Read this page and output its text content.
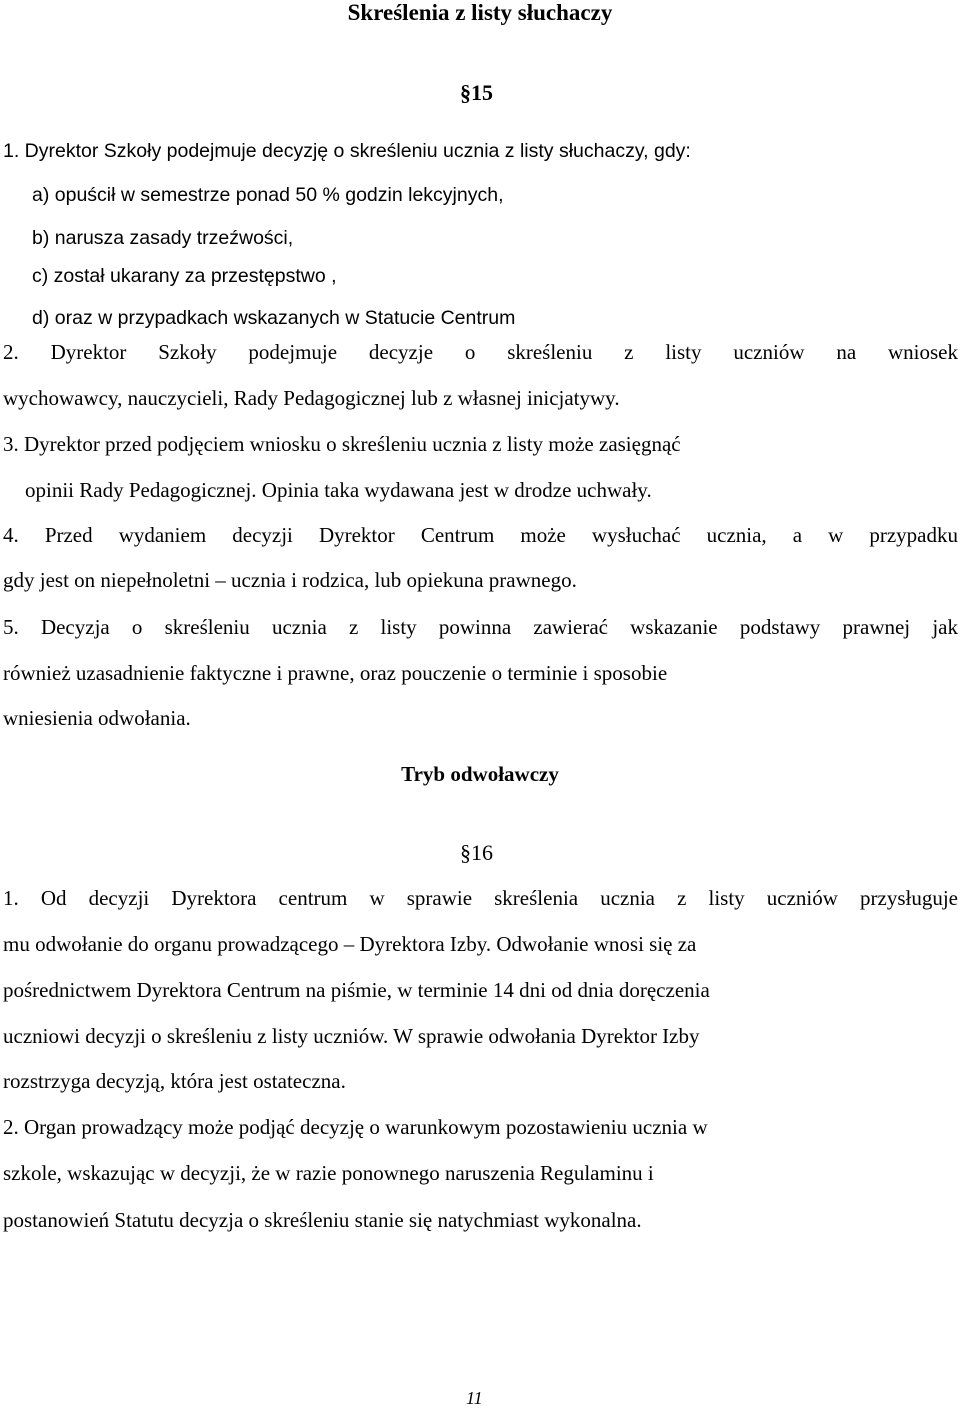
Skreślenia z listy słuchaczy

§15

1. Dyrektor Szkoły podejmuje decyzję o skreśleniu ucznia z listy słuchaczy, gdy:

a) opuścił w semestrze ponad 50 % godzin lekcyjnych,

b) narusza zasady trzeźwości,

c) został ukarany za przestępstwo ,

d) oraz w przypadkach wskazanych w Statucie Centrum

2. Dyrektor Szkoły podejmuje decyzje o skreśleniu z listy uczniów na wniosek

wychowawcy, nauczycieli, Rady Pedagogicznej lub z własnej inicjatywy.

3. Dyrektor przed podjęciem wniosku o skreśleniu ucznia z listy może zasięgnąć

opinii Rady Pedagogicznej. Opinia taka wydawana jest w drodze uchwały.

4. Przed wydaniem decyzji Dyrektor Centrum może wysłuchać ucznia, a w przypadku

gdy jest on niepełnoletni – ucznia i rodzica, lub opiekuna prawnego.

5. Decyzja o skreśleniu ucznia z listy powinna zawierać wskazanie podstawy prawnej jak

również uzasadnienie faktyczne i prawne, oraz pouczenie o terminie i sposobie

wniesienia odwołania.

Tryb odwoławczy

§16

1. Od decyzji Dyrektora centrum w sprawie skreślenia ucznia z listy uczniów przysługuje

mu odwołanie do organu prowadzącego – Dyrektora Izby. Odwołanie wnosi się za

pośrednictwem Dyrektora Centrum na piśmie, w terminie 14 dni od dnia doręczenia

uczniowi decyzji o skreśleniu z listy uczniów. W sprawie odwołania Dyrektor Izby

rozstrzyga decyzją, która jest ostateczna.

2. Organ prowadzący może podjąć decyzję o warunkowym pozostawieniu ucznia w

szkole, wskazując w decyzji, że w razie ponownego naruszenia Regulaminu i

postanowień Statutu decyzja o skreśleniu stanie się natychmiast wykonalna.

11
